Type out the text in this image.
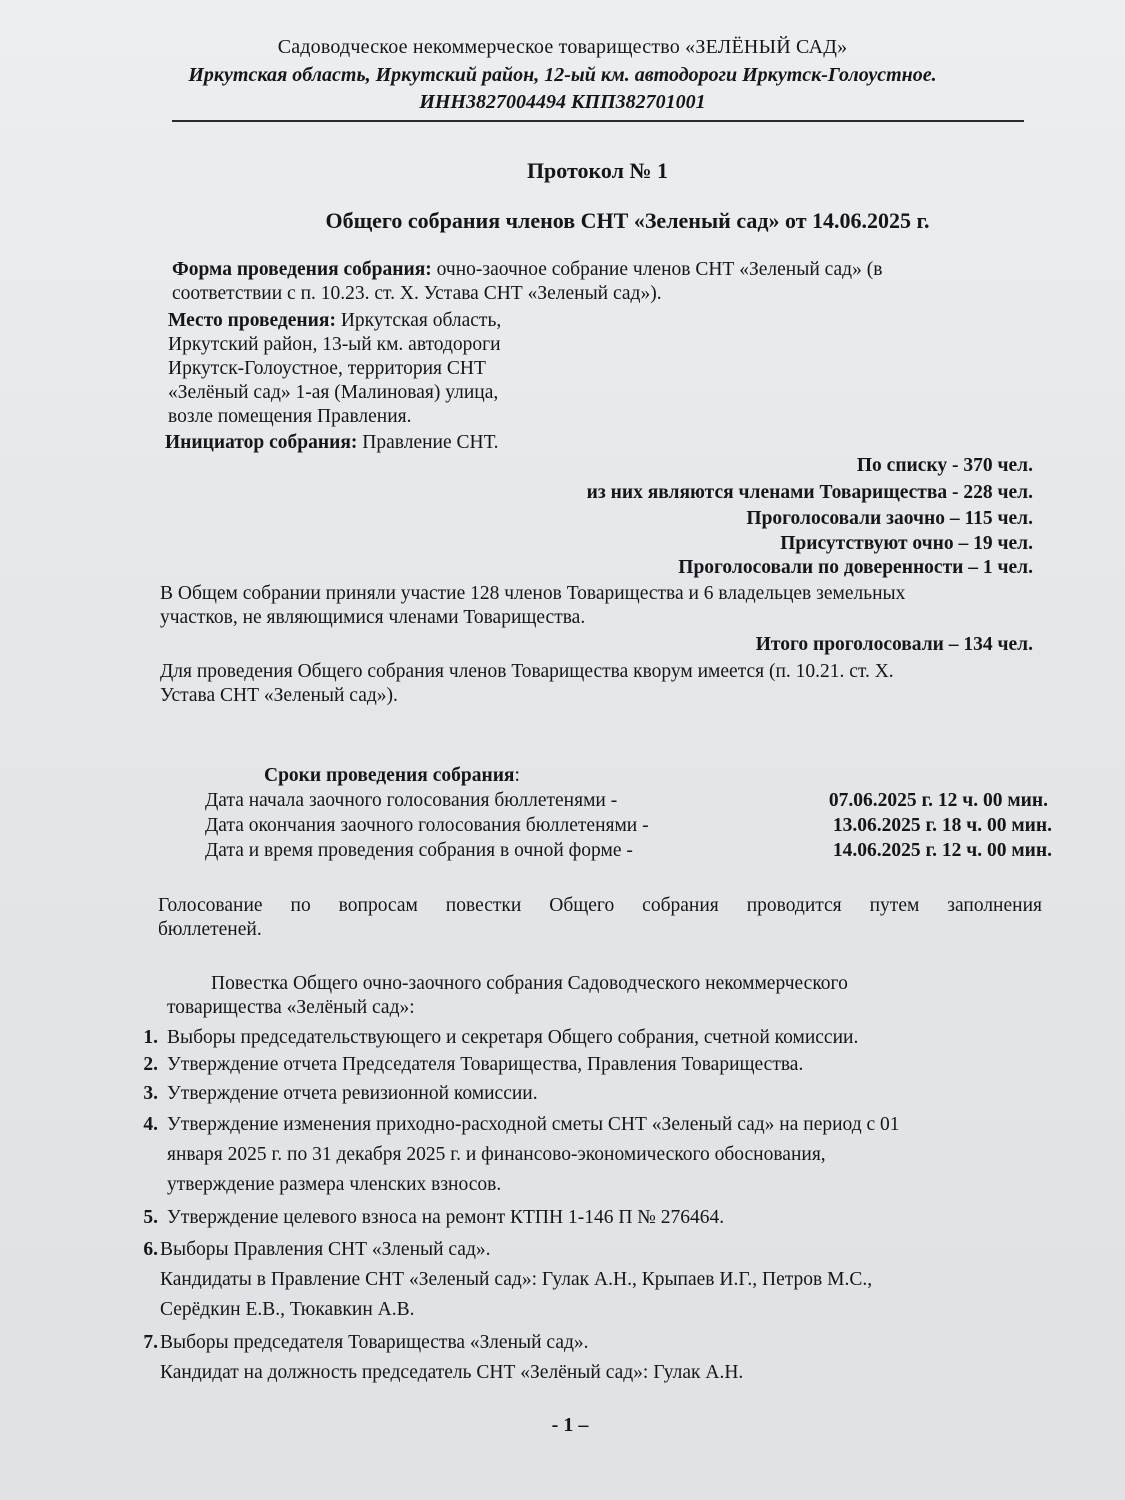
Садоводческое некоммерческое товарищество «ЗЕЛЁНЫЙ САД»
Иркутская область, Иркутский район, 12-ый км. автодороги Иркутск-Голоустное.
ИНН3827004494 КПП382701001
Протокол № 1
Общего собрания членов СНТ «Зеленый сад» от 14.06.2025 г.
Форма проведения собрания: очно-заочное собрание членов СНТ «Зеленый сад» (в
соответствии с п. 10.23. ст. Х. Устава СНТ «Зеленый сад»).
Место проведения: Иркутская область,
Иркутский район, 13-ый км. автодороги
Иркутск-Голоустное, территория СНТ
«Зелёный сад» 1-ая (Малиновая) улица,
возле помещения Правления.
Инициатор собрания: Правление СНТ.
По списку - 370 чел.
из них являются членами Товарищества - 228 чел.
Проголосовали заочно – 115 чел.
Присутствуют очно – 19 чел.
Проголосовали по доверенности – 1 чел.
В Общем собрании приняли участие 128 членов Товарищества и 6 владельцев земельных
участков, не являющимися членами Товарищества.
Итого проголосовали – 134 чел.
Для проведения Общего собрания членов Товарищества кворум имеется (п. 10.21. ст. Х.
Устава СНТ «Зеленый сад»).
Сроки проведения собрания:
Дата начала заочного голосования бюллетенями -	07.06.2025 г. 12 ч. 00 мин.
Дата окончания заочного голосования бюллетенями -	13.06.2025 г. 18 ч. 00 мин.
Дата и время проведения собрания в очной форме -	14.06.2025 г. 12 ч. 00 мин.
Голосование по вопросам повестки Общего собрания проводится путем заполнения
бюллетеней.
Повестка Общего очно-заочного собрания Садоводческого некоммерческого
товарищества «Зелёный сад»:
1. Выборы председательствующего и секретаря Общего собрания, счетной комиссии.
2. Утверждение отчета Председателя Товарищества, Правления Товарищества.
3. Утверждение отчета ревизионной комиссии.
4. Утверждение изменения приходно-расходной сметы СНТ «Зеленый сад» на период с 01
января 2025 г. по 31 декабря 2025 г. и финансово-экономического обоснования,
утверждение размера членских взносов.
5. Утверждение целевого взноса на ремонт КТПН 1-146 П № 276464.
6. Выборы Правления СНТ «Зленый сад».
Кандидаты в Правление СНТ «Зеленый сад»: Гулак А.Н., Крыпаев И.Г., Петров М.С.,
Серёдкин Е.В., Тюкавкин А.В.
7. Выборы председателя Товарищества «Зленый сад».
Кандидат на должность председатель СНТ «Зелёный сад»: Гулак А.Н.
- 1 –
